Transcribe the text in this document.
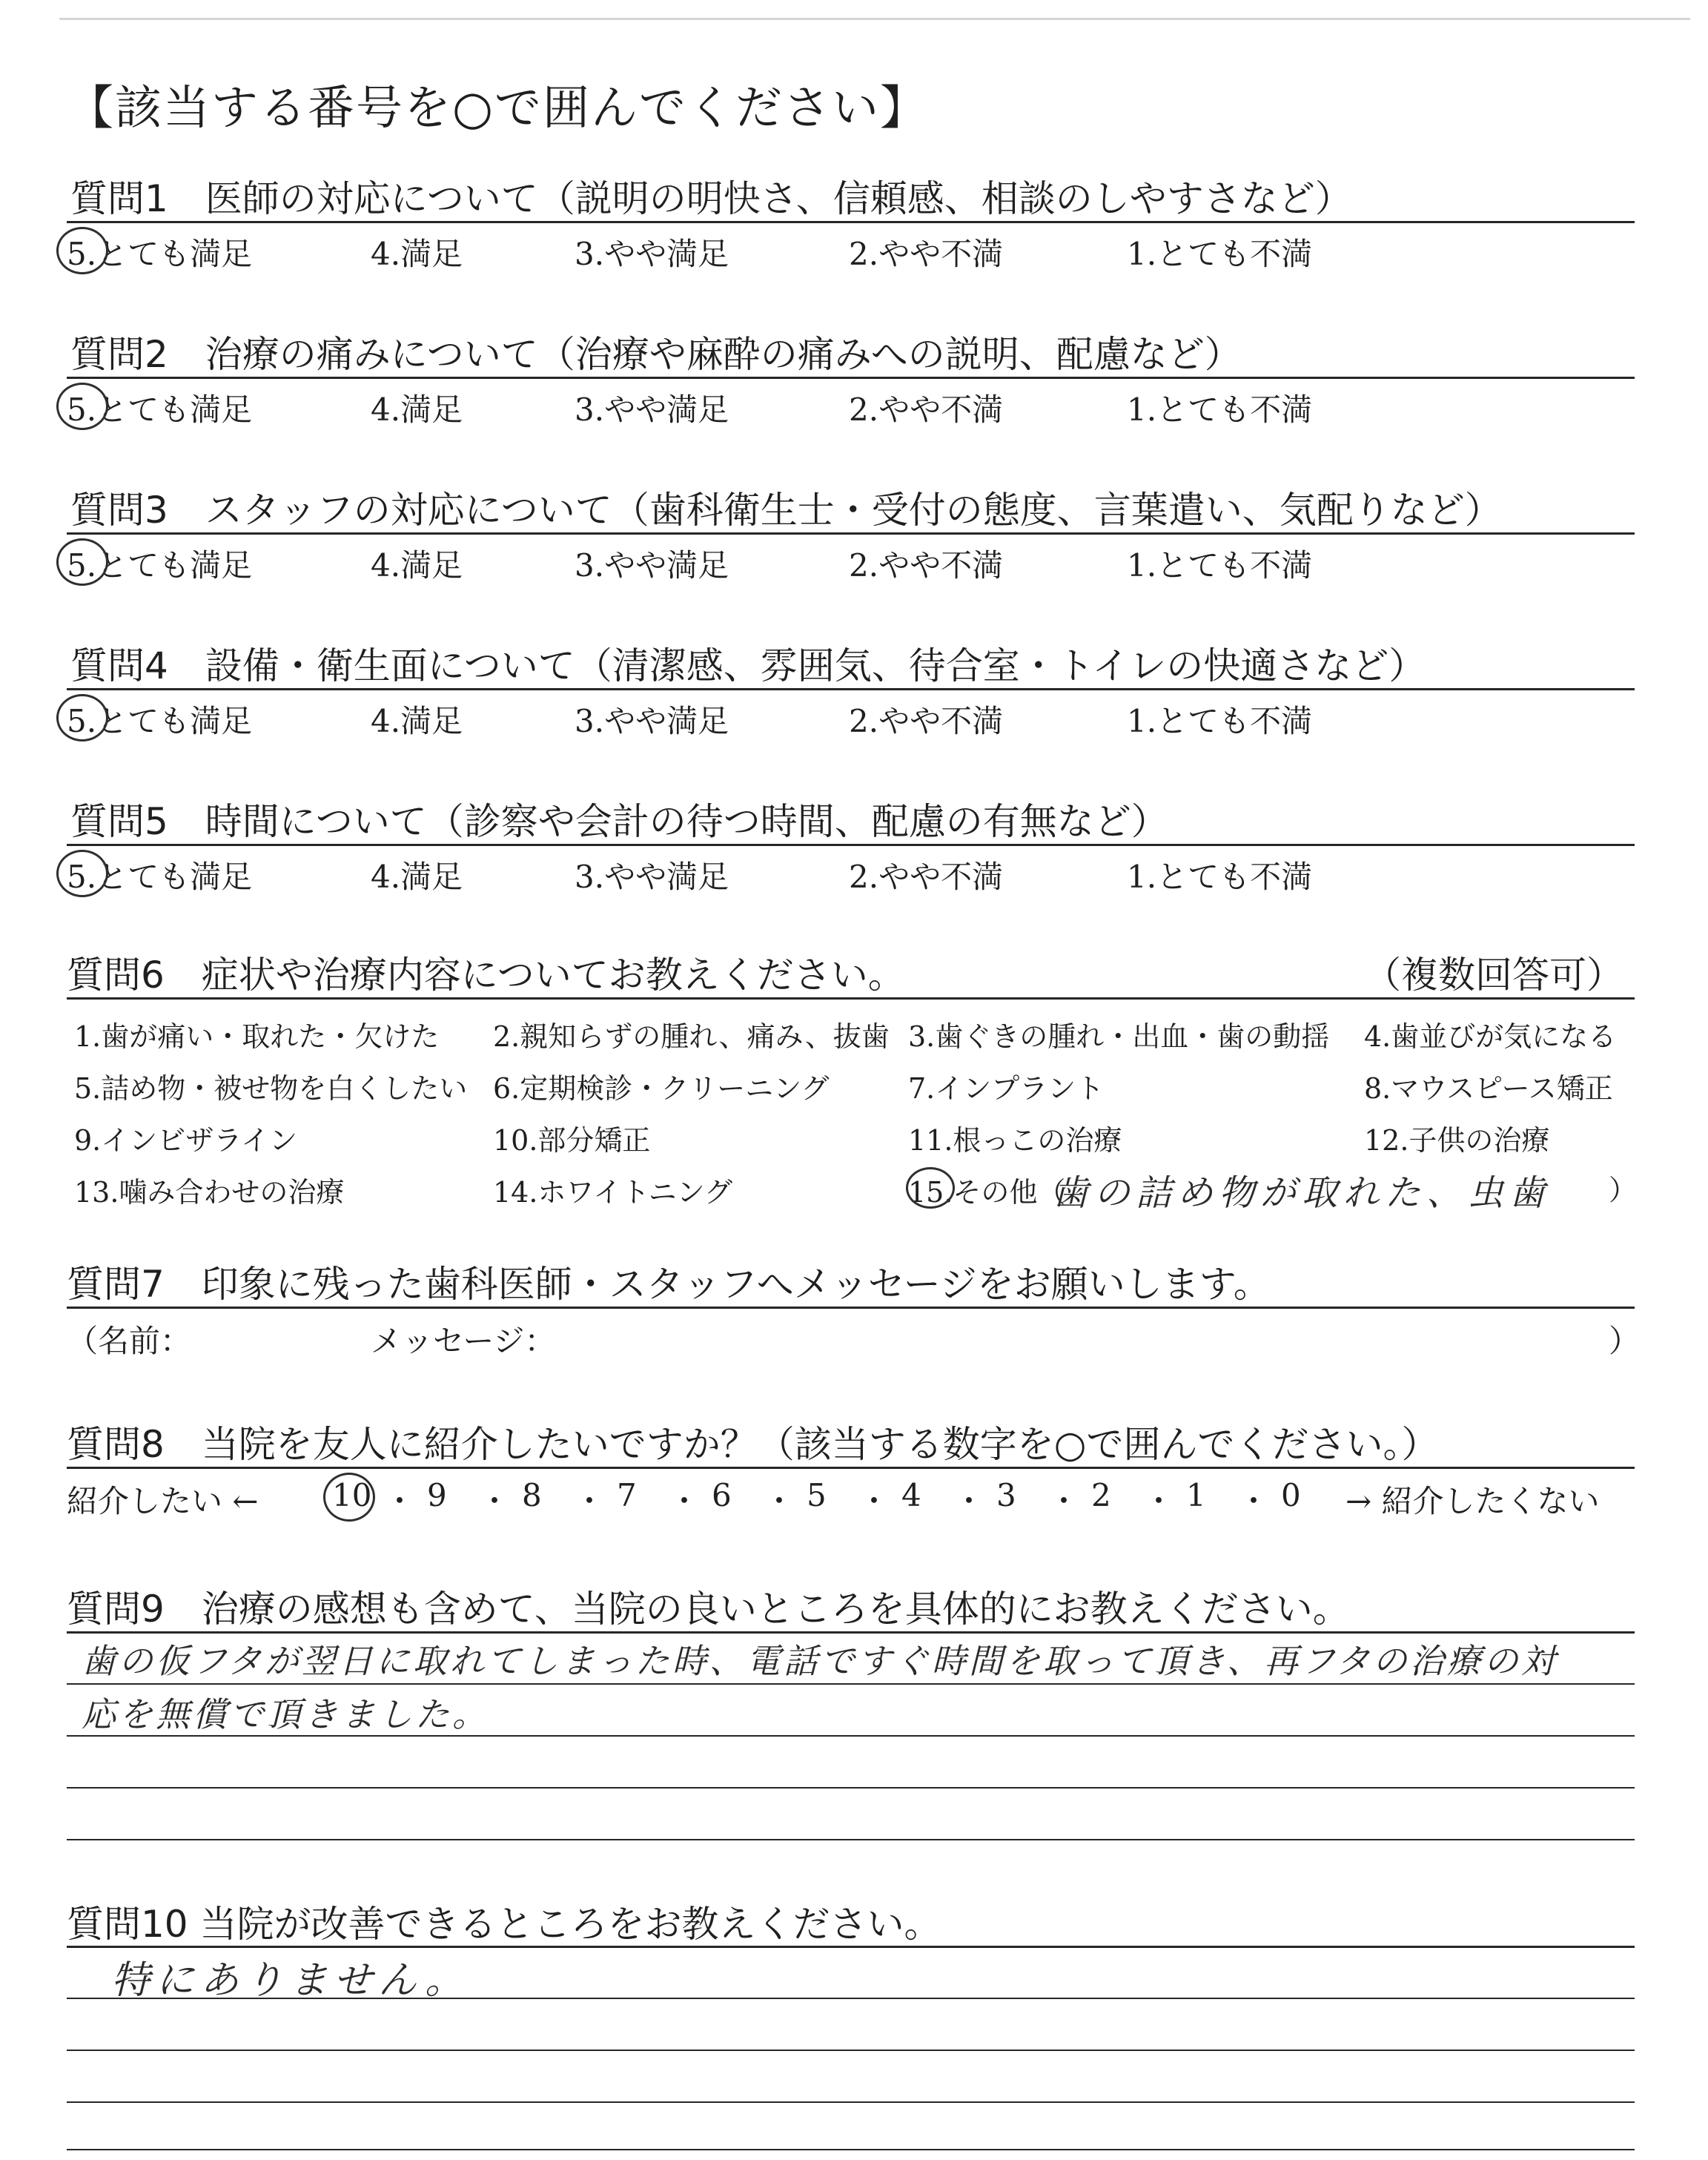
【該当する番号を○で囲んでください】
質問1　医師の対応について（説明の明快さ、信頼感、相談のしやすさなど）
5.とても満足	4.満足	3.やや満足	2.やや不満	1.とても不満
質問2　治療の痛みについて（治療や麻酔の痛みへの説明、配慮など）
5.とても満足	4.満足	3.やや満足	2.やや不満	1.とても不満
質問3　スタッフの対応について（歯科衛生士・受付の態度、言葉遣い、気配りなど）
5.とても満足	4.満足	3.やや満足	2.やや不満	1.とても不満
質問4　設備・衛生面について（清潔感、雰囲気、待合室・トイレの快適さなど）
5.とても満足	4.満足	3.やや満足	2.やや不満	1.とても不満
質問5　時間について（診察や会計の待つ時間、配慮の有無など）
5.とても満足	4.満足	3.やや満足	2.やや不満	1.とても不満
質問6　症状や治療内容についてお教えください。	（複数回答可）
1.歯が痛い・取れた・欠けた 2.親知らずの腫れ、痛み、抜歯 3.歯ぐきの腫れ・出血・歯の動揺 4.歯並びが気になる
5.詰め物・被せ物を白くしたい 6.定期検診・クリーニング	7.インプラント	8.マウスピース矯正
9.インビザライン	10.部分矯正	11.根っこの治療	12.子供の治療
13.噛み合わせの治療	14.ホワイトニング	15.その他（
歯の詰め物が取れた、虫歯 ）
質問7　印象に残った歯科医師・スタッフへメッセージをお願いします。
（名前：	メッセージ：	）
質問8　当院を友人に紹介したいですか？（該当する数字を○で囲んでください。）
紹介したい ← 10 ・ 9 ・ 8 ・ 7 ・ 6 ・ 5 ・ 4 ・ 3 ・ 2 ・ 1 ・ 0 → 紹介したくない
質問9　治療の感想も含めて、当院の良いところを具体的にお教えください。
歯の仮フタが翌日に取れてしまった時、電話ですぐ時間を取って頂き、再フタの治療の対
応を無償で頂きました。
質問10 当院が改善できるところをお教えください。
特にありません。
